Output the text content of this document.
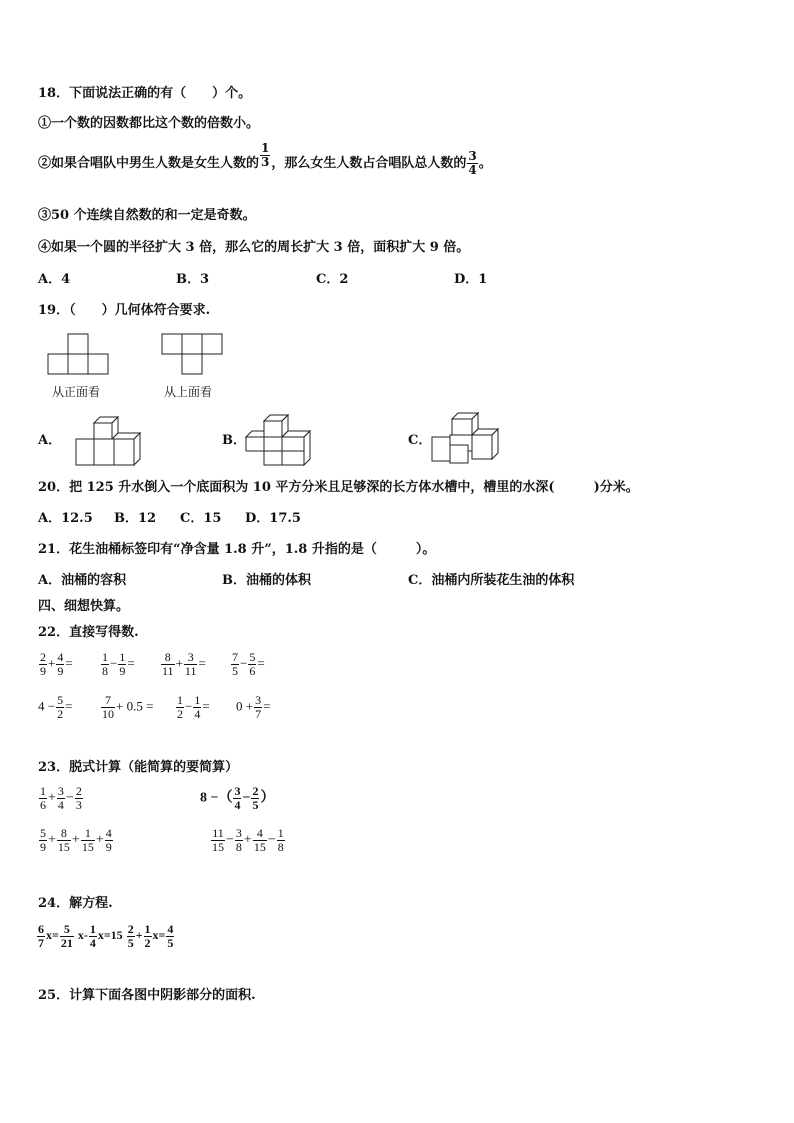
18．下面说法正确的有（　　）个。
①一个数的因数都比这个数的倍数小。
②如果合唱队中男生人数是女生人数的 $\frac{1}{3}$ ，那么女生人数占合唱队总人数的 $\frac{3}{4}$ 。
③50 个连续自然数的和一定是奇数。
④如果一个圆的半径扩大 3 倍，那么它的周长扩大 3 倍，面积扩大 9 倍。
A．4	B．3	C．2	D．1
19．（　　）几何体符合要求.
从正面看	从上面看
A．	B．	C．
20．把 125 升水倒入一个底面积为 10 平方分米且足够深的长方体水槽中，槽里的水深(　　　)分米。
A．12.5 B．12 C．15 D．17.5
21．花生油桶标签印有“净含量 1.8 升”，1.8 升指的是（　　　）。
A．油桶的容积	B．油桶的体积	C．油桶内所装花生油的体积
四、细想快算。
22．直接写得数.
$\frac{2}{9} + \frac{4}{9} = \frac{1}{8} - \frac{1}{9} = \frac{8}{11} + \frac{3}{11} = \frac{7}{5} - \frac{5}{6}$ =
$4 - \frac{5}{2} = \frac{7}{10} + 0.5 = \frac{1}{2} - \frac{1}{4} = 0 + \frac{3}{7}$ =
23．脱式计算（能简算的要简算）
$\frac{1}{6} + \frac{3}{4} - \frac{2}{3}$	8 −（ $\frac{3}{4} - \frac{2}{5}$ ）
$\frac{5}{9} + \frac{8}{15} + \frac{1}{15} + \frac{4}{9}$	$\frac{11}{15} - \frac{3}{8} + \frac{4}{15} - \frac{1}{8}$
24．解方程.
$\frac{6}{7} x= \frac{5}{21} x- \frac{1}{4} x=15 \frac{2}{5} + \frac{1}{2} x= \frac{4}{5}$
25．计算下面各图中阴影部分的面积.
